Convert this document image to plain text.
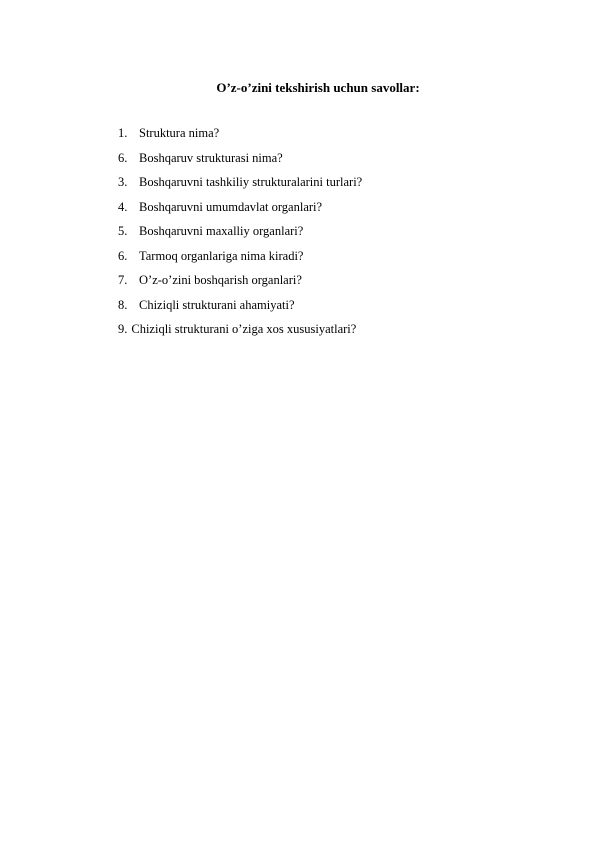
O’z-o’zini tekshirish uchun savollar:
1. Struktura nima?
6. Boshqaruv strukturasi nima?
3. Boshqaruvni tashkiliy strukturalarini turlari?
4. Boshqaruvni umumdavlat organlari?
5. Boshqaruvni maxalliy organlari?
6. Tarmoq organlariga nima kiradi?
7. O’z-o’zini boshqarish organlari?
8. Chiziqli strukturani ahamiyati?
9. Chiziqli strukturani o’ziga xos xususiyatlari?
